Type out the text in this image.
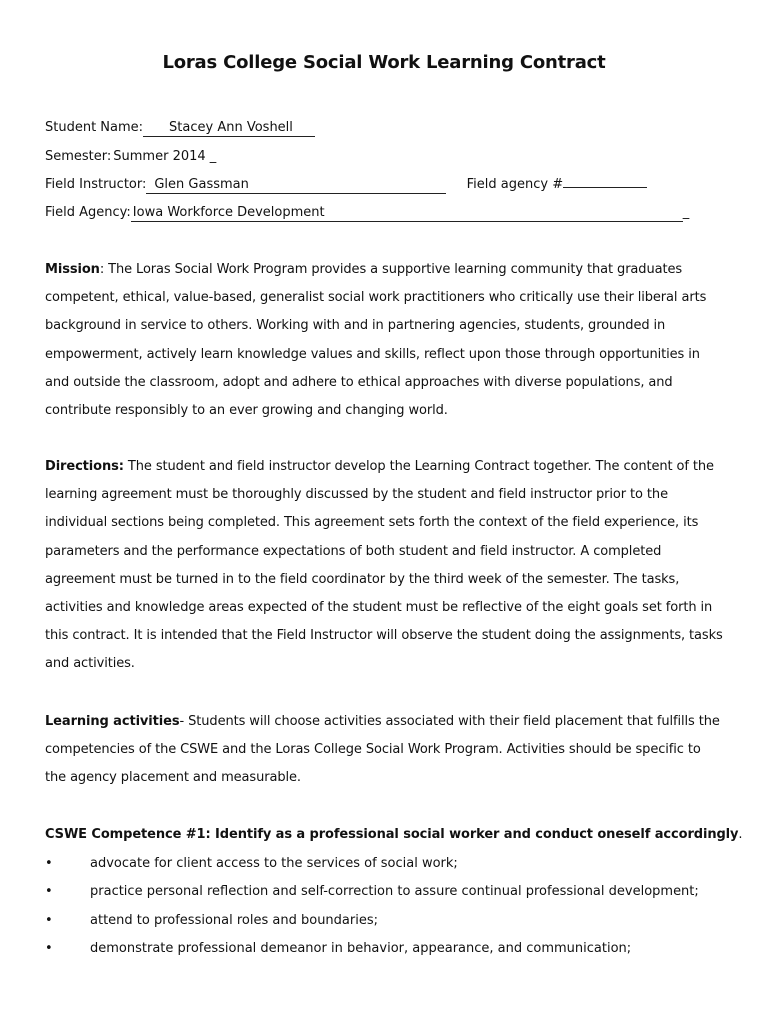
Loras College Social Work Learning Contract
Student Name: Stacey Ann Voshell
Semester: Summer 2014 _
Field Instructor: Glen Gassman	Field agency #
Field Agency: Iowa Workforce Development	_
Mission: The Loras Social Work Program provides a supportive learning community that graduates competent, ethical, value-based, generalist social work practitioners who critically use their liberal arts background in service to others. Working with and in partnering agencies, students, grounded in empowerment, actively learn knowledge values and skills, reflect upon those through opportunities in and outside the classroom, adopt and adhere to ethical approaches with diverse populations, and contribute responsibly to an ever growing and changing world.
Directions: The student and field instructor develop the Learning Contract together. The content of the learning agreement must be thoroughly discussed by the student and field instructor prior to the individual sections being completed. This agreement sets forth the context of the field experience, its parameters and the performance expectations of both student and field instructor. A completed agreement must be turned in to the field coordinator by the third week of the semester. The tasks, activities and knowledge areas expected of the student must be reflective of the eight goals set forth in this contract. It is intended that the Field Instructor will observe the student doing the assignments, tasks and activities.
Learning activities- Students will choose activities associated with their field placement that fulfills the competencies of the CSWE and the Loras College Social Work Program. Activities should be specific to the agency placement and measurable.
CSWE Competence #1: Identify as a professional social worker and conduct oneself accordingly.
•	advocate for client access to the services of social work;
•	practice personal reflection and self-correction to assure continual professional development;
•	attend to professional roles and boundaries;
•	demonstrate professional demeanor in behavior, appearance, and communication;
